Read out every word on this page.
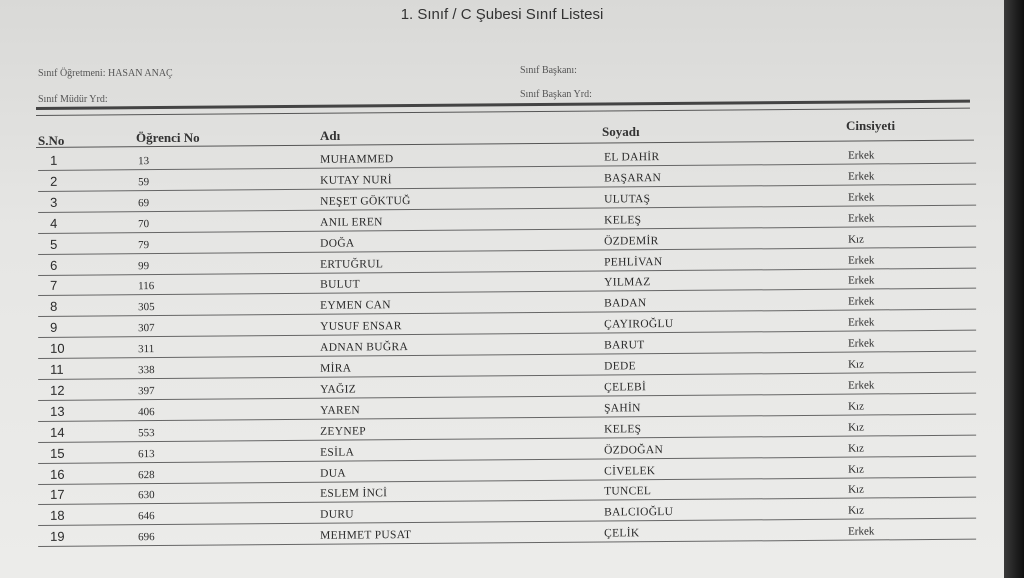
1. Sınıf / C Şubesi Sınıf Listesi
Sınıf Öğretmeni: HASAN ANAÇ
Sınıf Müdür Yrd:
Sınıf Başkanı:
Sınıf Başkan Yrd:
S.No	Öğrenci No	Adı	Soyadı	Cinsiyeti
1	13	MUHAMMED	EL DAHİR	Erkek
2	59	KUTAY NURİ	BAŞARAN	Erkek
3	69	NEŞET GÖKTUĞ	ULUTAŞ	Erkek
4	70	ANIL EREN	KELEŞ	Erkek
5	79	DOĞA	ÖZDEMİR	Kız
6	99	ERTUĞRUL	PEHLİVAN	Erkek
7	116	BULUT	YILMAZ	Erkek
8	305	EYMEN CAN	BADAN	Erkek
9	307	YUSUF ENSAR	ÇAYIROĞLU	Erkek
10	311	ADNAN BUĞRA	BARUT	Erkek
11	338	MİRA	DEDE	Kız
12	397	YAĞIZ	ÇELEBİ	Erkek
13	406	YAREN	ŞAHİN	Kız
14	553	ZEYNEP	KELEŞ	Kız
15	613	ESİLA	ÖZDOĞAN	Kız
16	628	DUA	CİVELEK	Kız
17	630	ESLEM İNCİ	TUNCEL	Kız
18	646	DURU	BALCIOĞLU	Kız
19	696	MEHMET PUSAT	ÇELİK	Erkek
